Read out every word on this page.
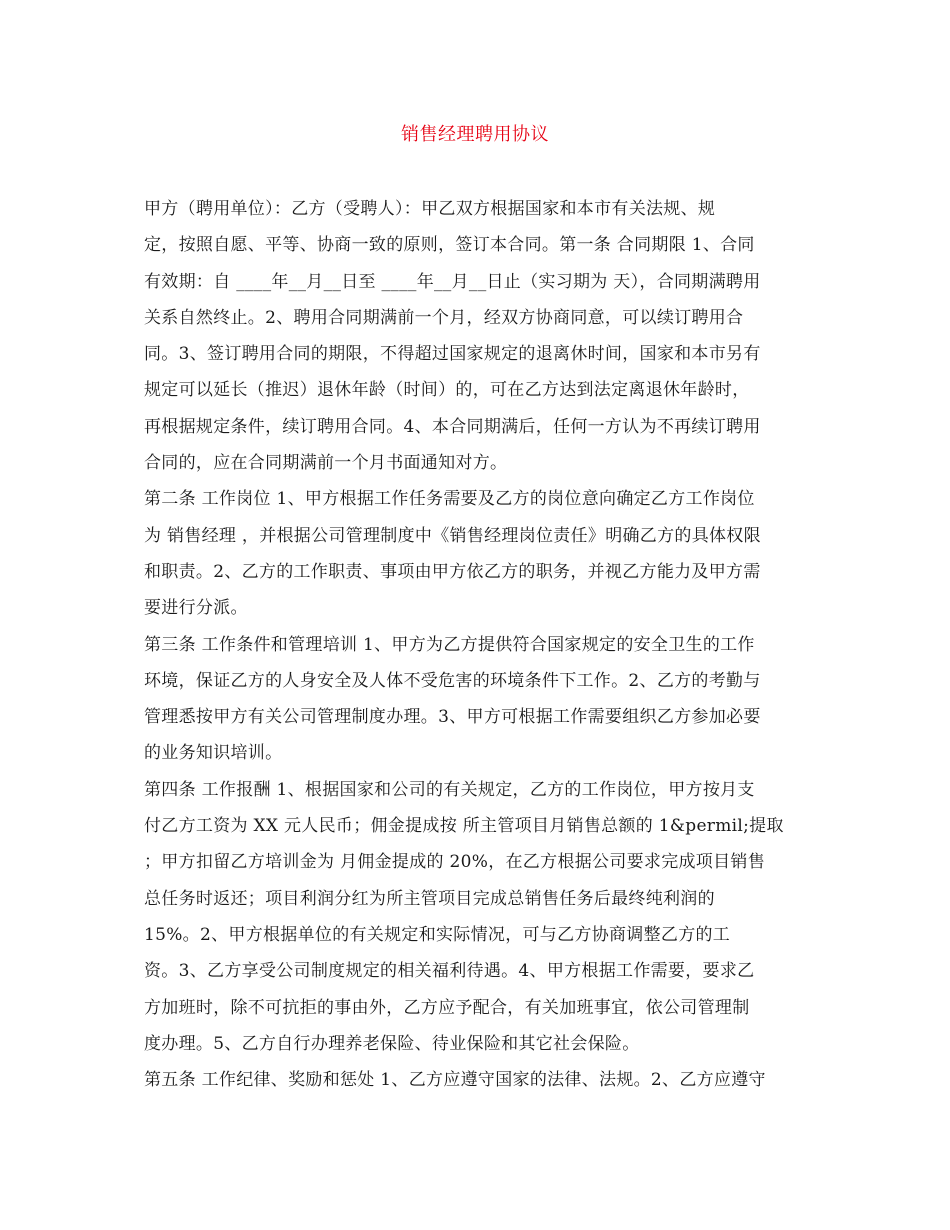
销售经理聘用协议
甲方（聘用单位）：乙方（受聘人）：甲乙双方根据国家和本市有关法规、规
定，按照自愿、平等、协商一致的原则，签订本合同。第一条 合同期限 1、合同
有效期：自 ____年__月__日至 ____年__月__日止（实习期为 天），合同期满聘用
关系自然终止。2、聘用合同期满前一个月，经双方协商同意，可以续订聘用合
同。3、签订聘用合同的期限，不得超过国家规定的退离休时间，国家和本市另有
规定可以延长（推迟）退休年龄（时间）的，可在乙方达到法定离退休年龄时，
再根据规定条件，续订聘用合同。4、本合同期满后，任何一方认为不再续订聘用
合同的，应在合同期满前一个月书面通知对方。
第二条 工作岗位 1、甲方根据工作任务需要及乙方的岗位意向确定乙方工作岗位
为 销售经理 ，并根据公司管理制度中《销售经理岗位责任》明确乙方的具体权限
和职责。2、乙方的工作职责、事项由甲方依乙方的职务，并视乙方能力及甲方需
要进行分派。
第三条 工作条件和管理培训 1、甲方为乙方提供符合国家规定的安全卫生的工作
环境，保证乙方的人身安全及人体不受危害的环境条件下工作。2、乙方的考勤与
管理悉按甲方有关公司管理制度办理。3、甲方可根据工作需要组织乙方参加必要
的业务知识培训。
第四条 工作报酬 1、根据国家和公司的有关规定，乙方的工作岗位，甲方按月支
付乙方工资为 XX 元人民币；佣金提成按 所主管项目月销售总额的 1&permil;提取
；甲方扣留乙方培训金为 月佣金提成的 20%，在乙方根据公司要求完成项目销售
总任务时返还；项目利润分红为所主管项目完成总销售任务后最终纯利润的
15%。2、甲方根据单位的有关规定和实际情况，可与乙方协商调整乙方的工
资。3、乙方享受公司制度规定的相关福利待遇。4、甲方根据工作需要，要求乙
方加班时，除不可抗拒的事由外，乙方应予配合，有关加班事宜，依公司管理制
度办理。5、乙方自行办理养老保险、待业保险和其它社会保险。
第五条 工作纪律、奖励和惩处 1、乙方应遵守国家的法律、法规。2、乙方应遵守
